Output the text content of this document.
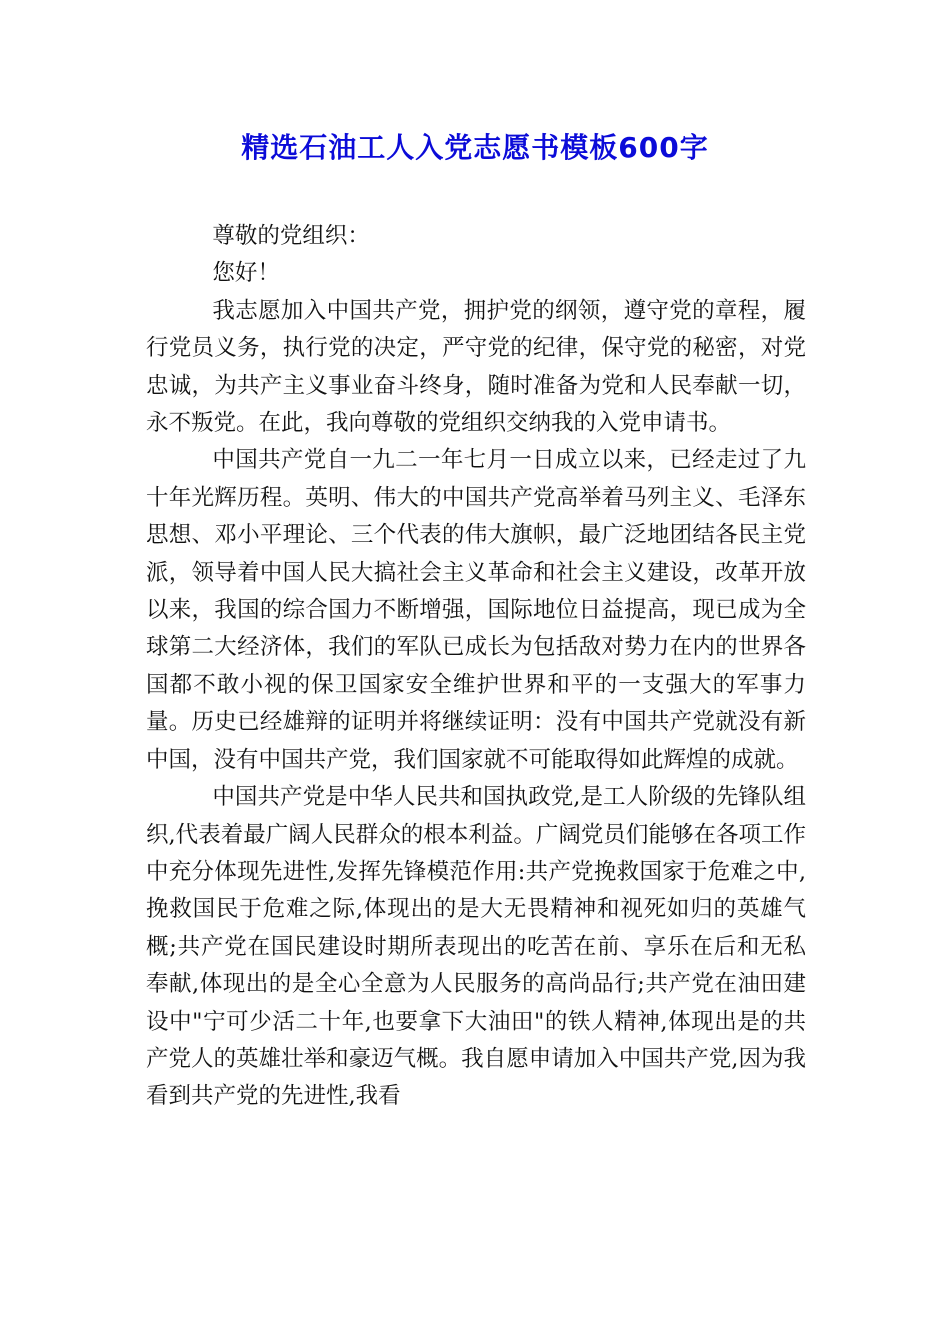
精选石油工人入党志愿书模板600字

尊敬的党组织：

您好！

我志愿加入中国共产党，拥护党的纲领，遵守党的章程，履行党员义务，执行党的决定，严守党的纪律，保守党的秘密，对党忠诚，为共产主义事业奋斗终身，随时准备为党和人民奉献一切，永不叛党。在此，我向尊敬的党组织交纳我的入党申请书。

中国共产党自一九二一年七月一日成立以来，已经走过了九十年光辉历程。英明、伟大的中国共产党高举着马列主义、毛泽东思想、邓小平理论、三个代表的伟大旗帜，最广泛地团结各民主党派，领导着中国人民大搞社会主义革命和社会主义建设，改革开放以来，我国的综合国力不断增强，国际地位日益提高，现已成为全球第二大经济体，我们的军队已成长为包括敌对势力在内的世界各国都不敢小视的保卫国家安全维护世界和平的一支强大的军事力量。历史已经雄辩的证明并将继续证明：没有中国共产党就没有新中国，没有中国共产党，我们国家就不可能取得如此辉煌的成就。

中国共产党是中华人民共和国执政党,是工人阶级的先锋队组织,代表着最广阔人民群众的根本利益。广阔党员们能够在各项工作中充分体现先进性,发挥先锋模范作用:共产党挽救国家于危难之中,挽救国民于危难之际,体现出的是大无畏精神和视死如归的英雄气概;共产党在国民建设时期所表现出的吃苦在前、享乐在后和无私奉献,体现出的是全心全意为人民服务的高尚品行;共产党在油田建设中"宁可少活二十年,也要拿下大油田"的铁人精神,体现出是的共产党人的英雄壮举和豪迈气概。我自愿申请加入中国共产党,因为我看到共产党的先进性,我看
